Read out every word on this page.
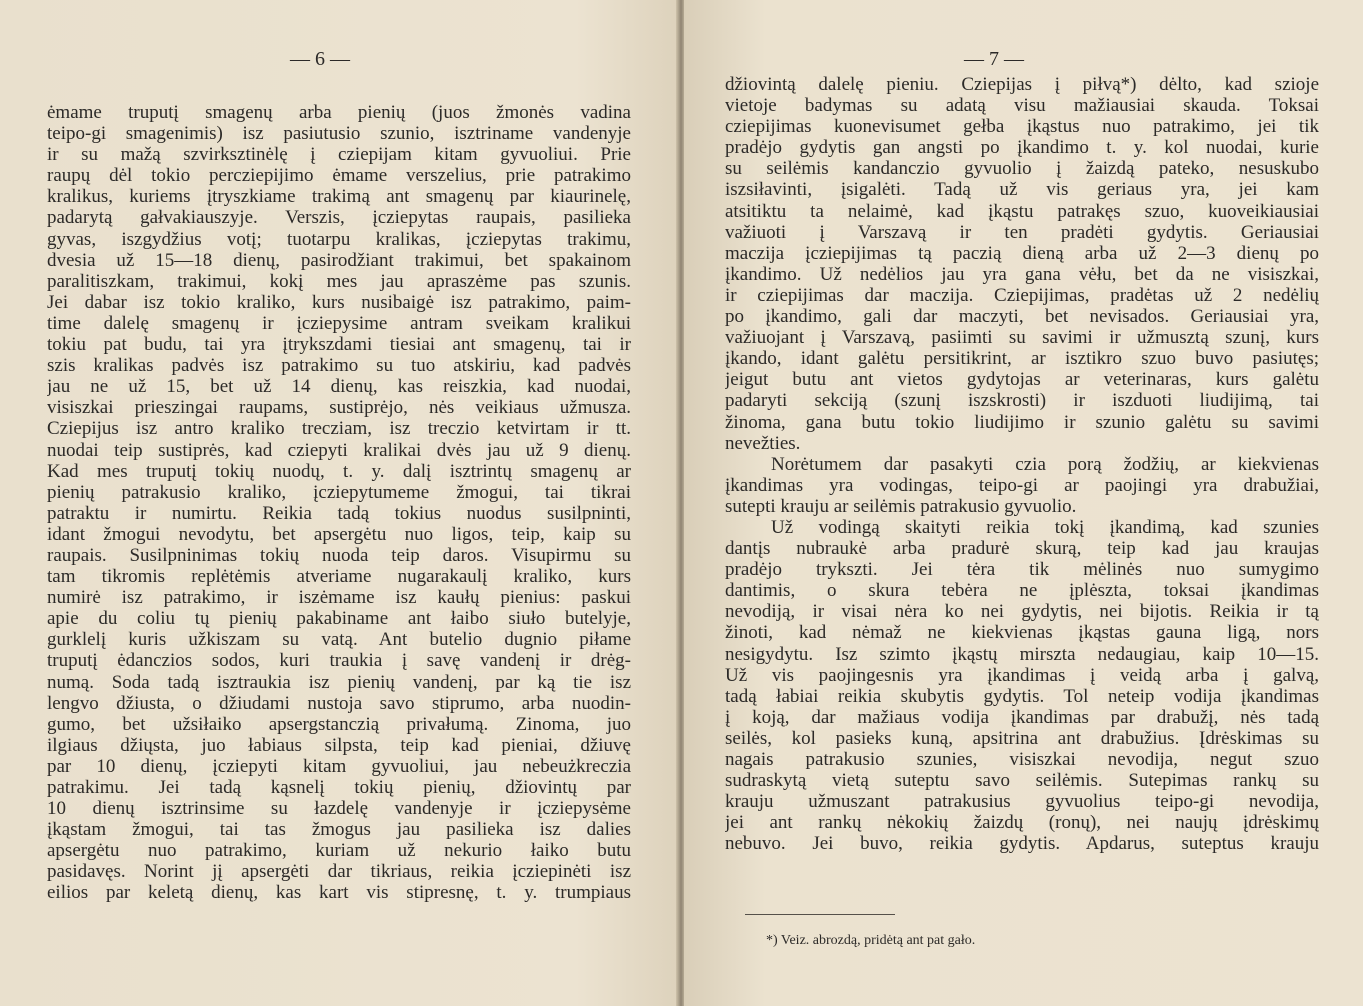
— 6 —
ėmame truputį smagenų arba pienių (juos žmonės vadina
teipo-gi smagenimis) isz pasiutusio szunio, isztriname vandenyje
ir su mažą szvirksztinėlę į cziepijam kitam gyvuoliui. Prie
raupų dėl tokio percziepijimo ėmame verszelius, prie patrakimo
kralikus, kuriems įtryszkiame trakimą ant smagenų par kiaurinelę,
padarytą gałvakiauszyje. Verszis, įcziepytas raupais, pasilieka
gyvas, iszgydžius votį; tuotarpu kralikas, įcziepytas trakimu,
dvesia už 15—18 dienų, pasirodžiant trakimui, bet spakainom
paralitiszkam, trakimui, kokį mes jau apraszėme pas szunis.
Jei dabar isz tokio kraliko, kurs nusibaigė isz patrakimo, paim-
time dalelę smagenų ir įcziepysime antram sveikam kralikui
tokiu pat budu, tai yra įtrykszdami tiesiai ant smagenų, tai ir
szis kralikas padvės isz patrakimo su tuo atskiriu, kad padvės
jau ne už 15, bet už 14 dienų, kas reiszkia, kad nuodai,
visiszkai prieszingai raupams, sustiprėjo, nės veikiaus užmusza.
Cziepijus isz antro kraliko trecziam, isz treczio ketvirtam ir tt.
nuodai teip sustiprės, kad cziepyti kralikai dvės jau už 9 dienų.
Kad mes truputį tokių nuodų, t. y. dalį isztrintų smagenų ar
pienių patrakusio kraliko, įcziepytumeme žmogui, tai tikrai
patraktu ir numirtu. Reikia tadą tokius nuodus susilpninti,
idant žmogui nevodytu, bet apsergėtu nuo ligos, teip, kaip su
raupais. Susilpninimas tokių nuoda teip daros. Visupirmu su
tam tikromis replėtėmis atveriame nugarakaulį kraliko, kurs
numirė isz patrakimo, ir iszėmame isz kaułų pienius: paskui
apie du coliu tų pienių pakabiname ant łaibo siuło butelyje,
gurklelį kuris užkiszam su vatą. Ant butelio dugnio piłame
truputį ėdanczios sodos, kuri traukia į savę vandenį ir drėg-
numą. Soda tadą isztraukia isz pienių vandenį, par ką tie isz
lengvo džiusta, o džiudami nustoja savo stiprumo, arba nuodin-
gumo, bet užsiłaiko apsergstanczią privałumą. Zinoma, juo
ilgiaus džiųsta, juo łabiaus silpsta, teip kad pieniai, džiuvę
par 10 dienų, įcziepyti kitam gyvuoliui, jau nebeużkreczia
patrakimu. Jei tadą kąsnelį tokių pienių, džiovintų par
10 dienų isztrinsime su łazdelę vandenyje ir įcziepysėme
įkąstam žmogui, tai tas žmogus jau pasilieka isz dalies
apsergėtu nuo patrakimo, kuriam už nekurio łaiko butu
pasidavęs. Norint jį apsergėti dar tikriaus, reikia įcziepinėti isz
eilios par keletą dienų, kas kart vis stipresnę, t. y. trumpiaus
— 7 —
džiovintą dalelę pieniu. Cziepijas į piłvą*) dėlto, kad szioje
vietoje badymas su adatą visu mažiausiai skauda. Toksai
cziepijimas kuonevisumet gełba įkąstus nuo patrakimo, jei tik
pradėjo gydytis gan angsti po įkandimo t. y. kol nuodai, kurie
su seilėmis kandanczio gyvuolio į žaizdą pateko, nesuskubo
iszsiłavinti, įsigalėti. Tadą už vis geriaus yra, jei kam
atsitiktu ta nelaimė, kad įkąstu patrakęs szuo, kuoveikiausiai
važiuoti į Varszavą ir ten pradėti gydytis. Geriausiai
maczija įcziepijimas tą paczią dieną arba už 2—3 dienų po
įkandimo. Už nedėlios jau yra gana vėłu, bet da ne visiszkai,
ir cziepijimas dar maczija. Cziepijimas, pradėtas už 2 nedėlių
po įkandimo, gali dar maczyti, bet nevisados. Geriausiai yra,
važiuojant į Varszavą, pasiimti su savimi ir užmusztą szunį, kurs
įkando, idant galėtu persitikrint, ar isztikro szuo buvo pasiutęs;
jeigut butu ant vietos gydytojas ar veterinaras, kurs galėtu
padaryti sekciją (szunį iszskrosti) ir iszduoti liudijimą, tai
žinoma, gana butu tokio liudijimo ir szunio galėtu su savimi
nevežties.
Norėtumem dar pasakyti czia porą žodžių, ar kiekvienas
įkandimas yra vodingas, teipo-gi ar paojingi yra drabužiai,
sutepti krauju ar seilėmis patrakusio gyvuolio.
Už vodingą skaityti reikia tokį įkandimą, kad szunies
dantįs nubraukė arba pradurė skurą, teip kad jau kraujas
pradėjo trykszti. Jei tėra tik mėlinės nuo sumygimo
dantimis, o skura tebėra ne įplėszta, toksai įkandimas
nevodiją, ir visai nėra ko nei gydytis, nei bijotis. Reikia ir tą
žinoti, kad nėmaž ne kiekvienas įkąstas gauna ligą, nors
nesigydytu. Isz szimto įkąstų mirszta nedaugiau, kaip 10—15.
Už vis paojingesnis yra įkandimas į veidą arba į galvą,
tadą łabiai reikia skubytis gydytis. Tol neteip vodija įkandimas
į koją, dar mažiaus vodija įkandimas par drabužį, nės tadą
seilės, kol pasieks kuną, apsitrina ant drabužius. Įdrėskimas su
nagais patrakusio szunies, visiszkai nevodija, negut szuo
sudraskytą vietą suteptu savo seilėmis. Sutepimas rankų su
krauju užmuszant patrakusius gyvuolius teipo-gi nevodija,
jei ant rankų nėkokių žaizdų (ronų), nei naujų įdrėskimų
nebuvo. Jei buvo, reikia gydytis. Apdarus, suteptus krauju
*) Veiz. abrozdą, pridėtą ant pat gało.
